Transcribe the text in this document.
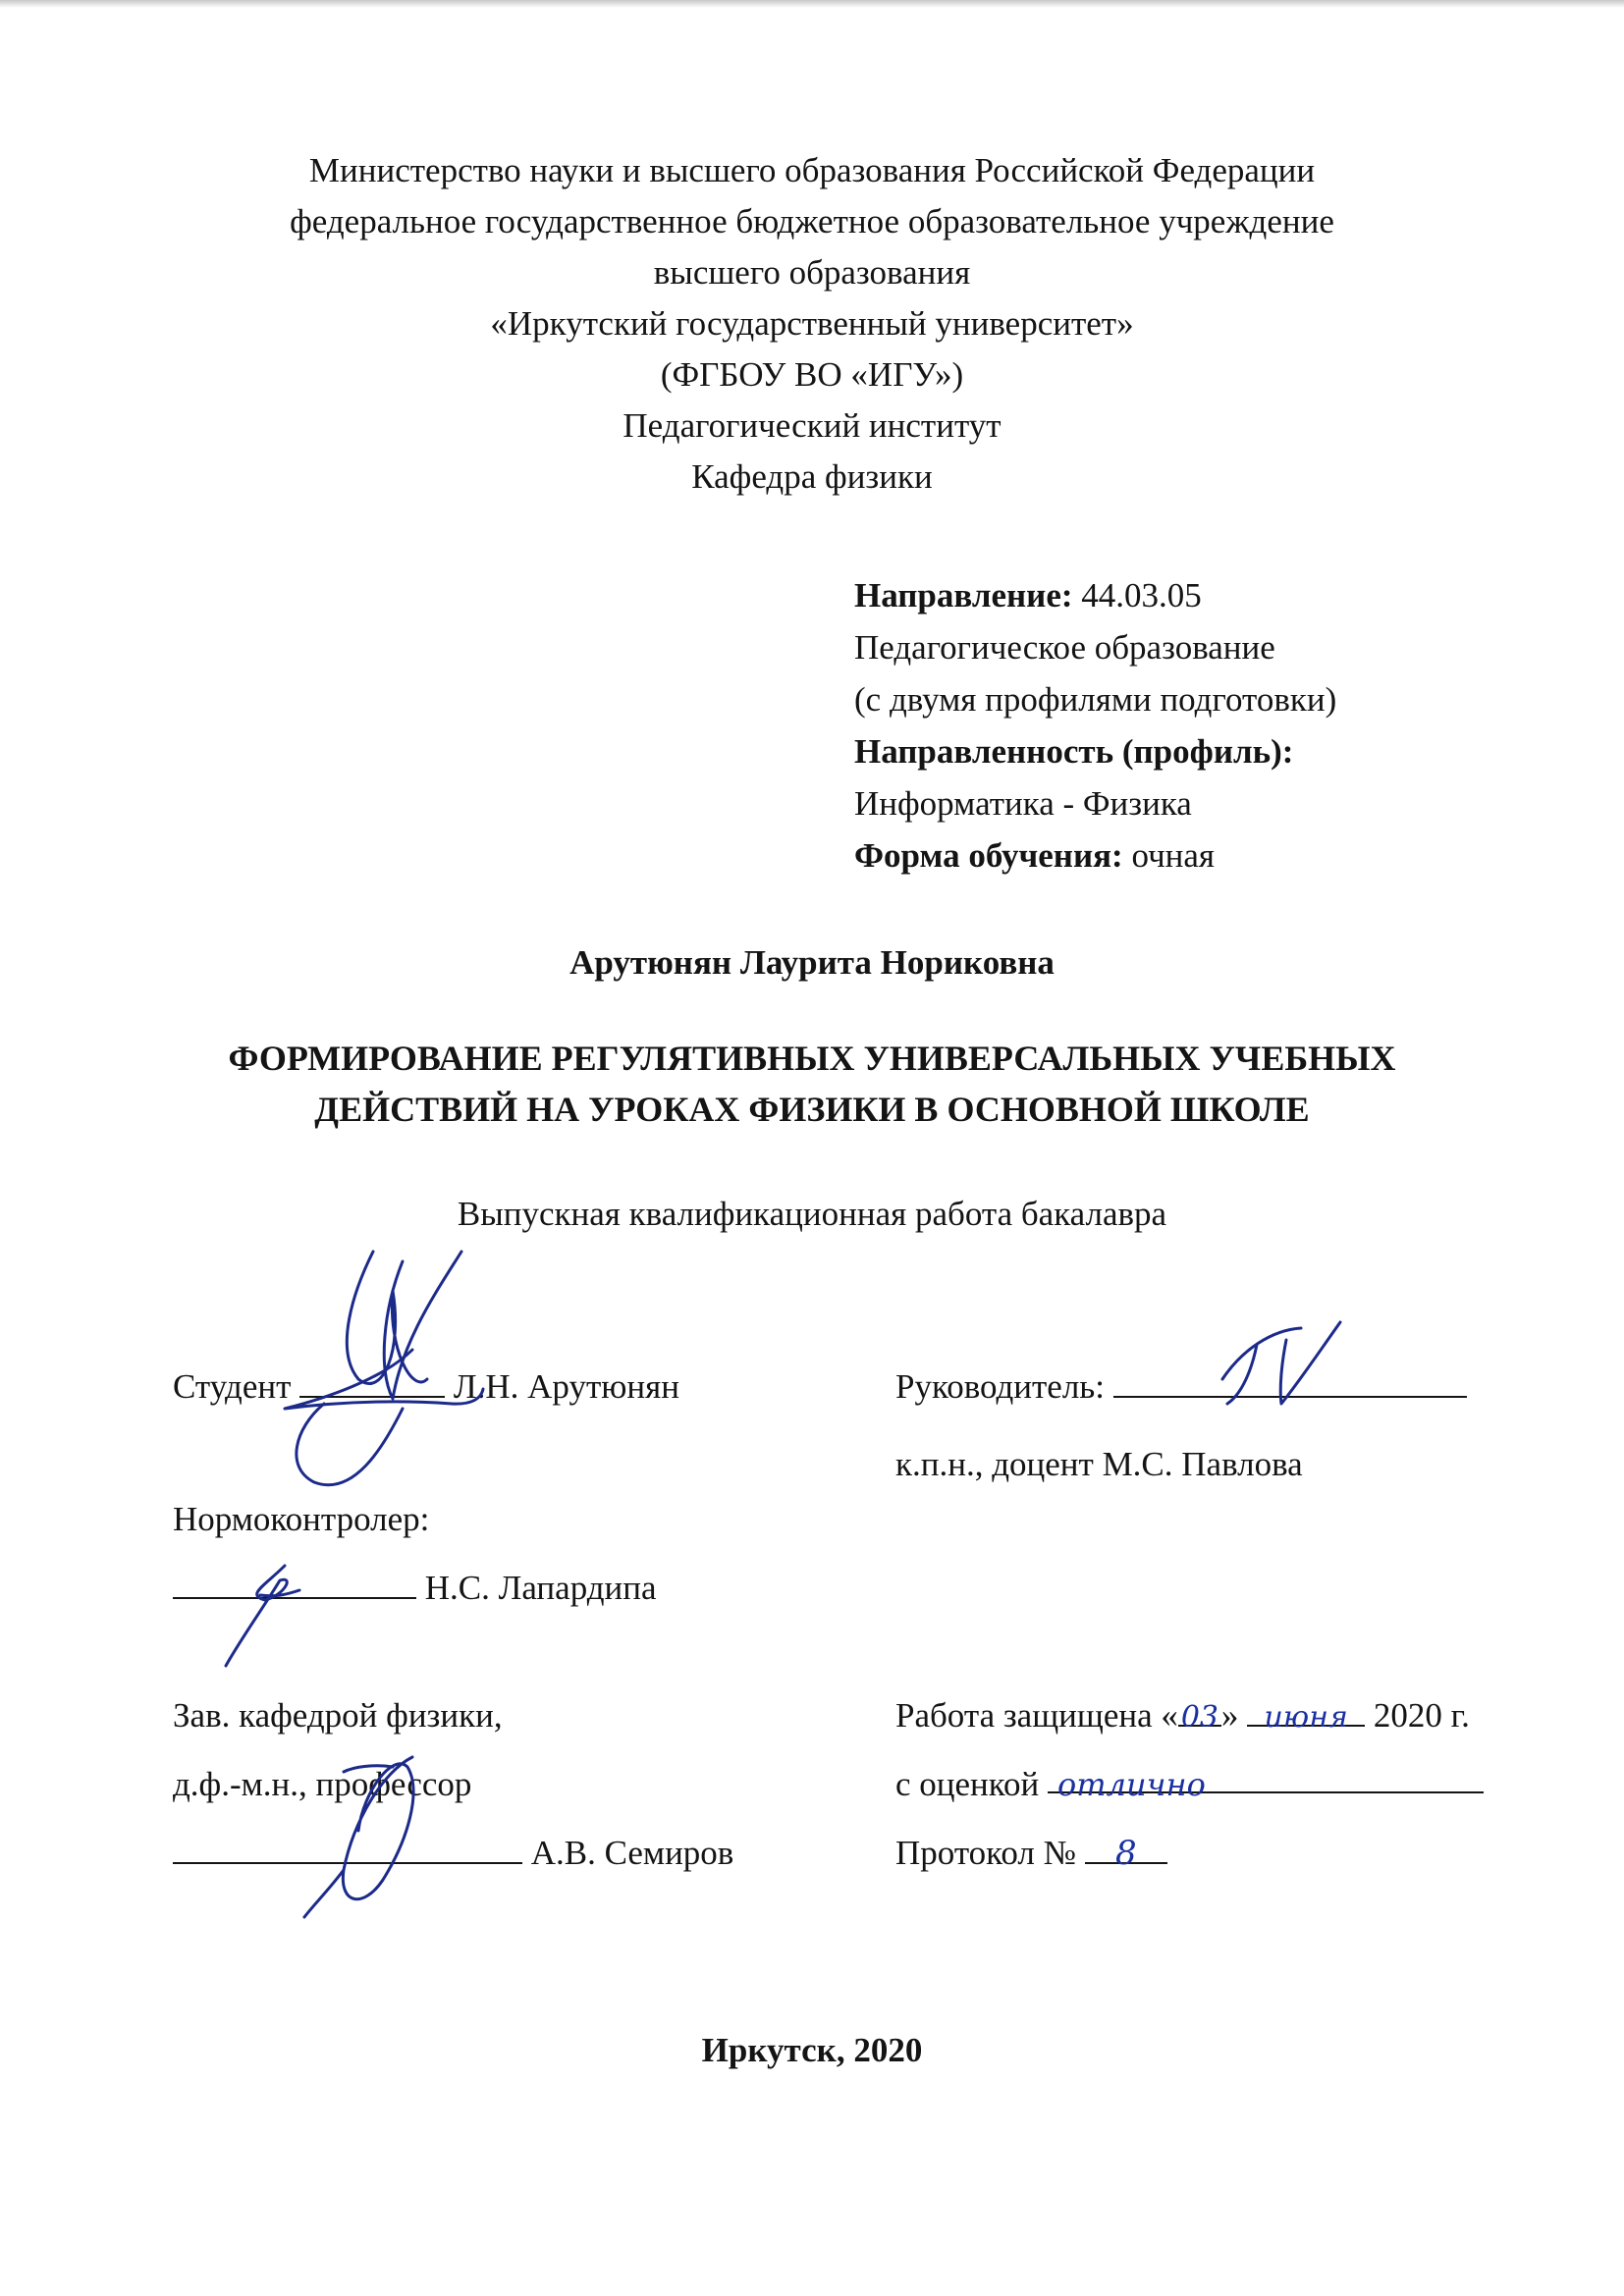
Министерство науки и высшего образования Российской Федерации
федеральное государственное бюджетное образовательное учреждение
высшего образования
«Иркутский государственный университет»
(ФГБОУ ВО «ИГУ»)
Педагогический институт
Кафедра физики
Направление: 44.03.05
Педагогическое образование
(с двумя профилями подготовки)
Направленность (профиль):
Информатика - Физика
Форма обучения: очная
Арутюнян Лаурита Нориковна
ФОРМИРОВАНИЕ РЕГУЛЯТИВНЫХ УНИВЕРСАЛЬНЫХ УЧЕБНЫХ
ДЕЙСТВИЙ НА УРОКАХ ФИЗИКИ В ОСНОВНОЙ ШКОЛЕ
Выпускная квалификационная работа бакалавра
Студент	Л.Н. Арутюнян	Руководитель:
к.п.н., доцент М.С. Павлова
Нормоконтролер:
Н.С. Лапардипа
Зав. кафедрой физики,
д.ф.-м.н., профессор
А.В. Семиров
Работа защищена «03» июня 2020 г.
с оценкой отлично
Протокол № 8
Иркутск, 2020
